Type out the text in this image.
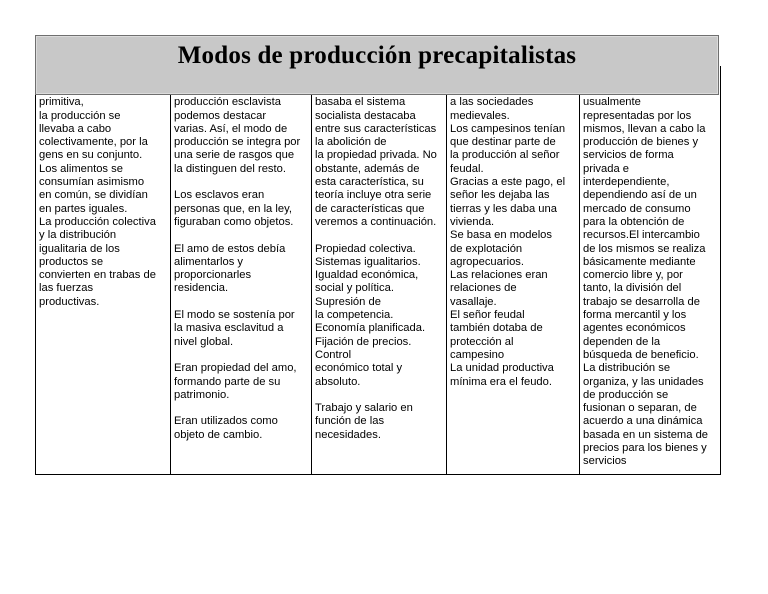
primitiva,
la producción se
llevaba a cabo
colectivamente, por la
gens en su conjunto.
Los alimentos se
consumían asimismo
en común, se dividían
en partes iguales.
La producción colectiva
y la distribución
igualitaria de los
productos se
convierten en trabas de
las fuerzas
productivas.

producción esclavista
podemos destacar
varias. Así, el modo de
producción se integra por
una serie de rasgos que
la distinguen del resto.

Los esclavos eran
personas que, en la ley,
figuraban como objetos.

El amo de estos debía
alimentarlos y
proporcionarles
residencia.

El modo se sostenía por
la masiva esclavitud a
nivel global.

Eran propiedad del amo,
formando parte de su
patrimonio.

Eran utilizados como
objeto de cambio.

basaba el sistema
socialista destacaba
entre sus características
la abolición de
la propiedad privada. No
obstante, además de
esta característica, su
teoría incluye otra serie
de características que
veremos a continuación.

Propiedad colectiva.
Sistemas igualitarios.
Igualdad económica,
social y política.
Supresión de
la competencia.
Economía planificada.
Fijación de precios.
Control
económico total y
absoluto.

Trabajo y salario en
función de las
necesidades.

a las sociedades
medievales.
Los campesinos tenían
que destinar parte de
la producción al señor
feudal.
Gracias a este pago, el
señor les dejaba las
tierras y les daba una
vivienda.
Se basa en modelos
de explotación
agropecuarios.
Las relaciones eran
relaciones de
vasallaje.
El señor feudal
también dotaba de
protección al
campesino
La unidad productiva
mínima era el feudo.

usualmente
representadas por los
mismos, llevan a cabo la
producción de bienes y
servicios de forma
privada e
interdependiente,
dependiendo así de un
mercado de consumo
para la obtención de
recursos.El intercambio
de los mismos se realiza
básicamente mediante
comercio libre y, por
tanto, la división del
trabajo se desarrolla de
forma mercantil y los
agentes económicos
dependen de la
búsqueda de beneficio.
La distribución se
organiza, y las unidades
de producción se
fusionan o separan, de
acuerdo a una dinámica
basada en un sistema de
precios para los bienes y
servicios

Modos de producción precapitalistas
